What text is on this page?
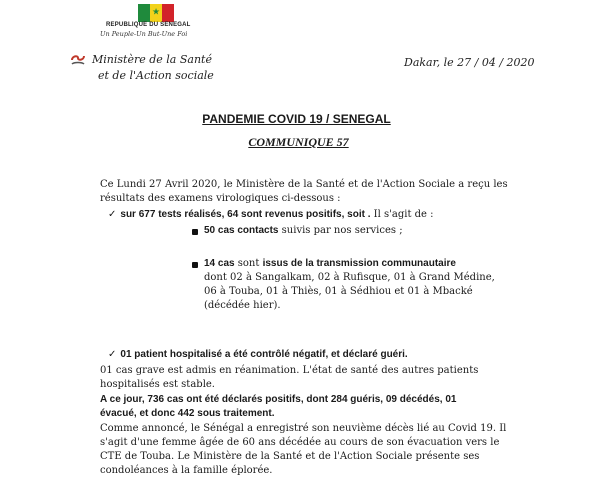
★
REPUBLIQUE DU SENEGAL
Un Peuple-Un But-Une Foi
Ministère de la Santé
et de l'Action sociale
Dakar, le 27 / 04 / 2020
PANDEMIE COVID 19 / SENEGAL
COMMUNIQUE 57
Ce Lundi 27 Avril 2020, le Ministère de la Santé et de l'Action Sociale a reçu les
résultats des examens virologiques ci-dessous :
✓ sur 677 tests réalisés, 64 sont revenus positifs, soit . Il s'agit de :
50 cas contacts suivis par nos services ;
14 cas sont issus de la transmission communautaire
dont 02 à Sangalkam, 02 à Rufisque, 01 à Grand Médine,
06 à Touba, 01 à Thiès, 01 à Sédhiou et 01 à Mbacké
(décédée hier).
✓ 01 patient hospitalisé a été contrôlé négatif, et déclaré guéri.
01 cas grave est admis en réanimation. L'état de santé des autres patients
hospitalisés est stable.
A ce jour, 736 cas ont été déclarés positifs, dont 284 guéris, 09 décédés, 01
évacué, et donc 442 sous traitement.
Comme annoncé, le Sénégal a enregistré son neuvième décès lié au Covid 19. Il
s'agit d'une femme âgée de 60 ans décédée au cours de son évacuation vers le
CTE de Touba. Le Ministère de la Santé et de l'Action Sociale présente ses
condoléances à la famille éplorée.
